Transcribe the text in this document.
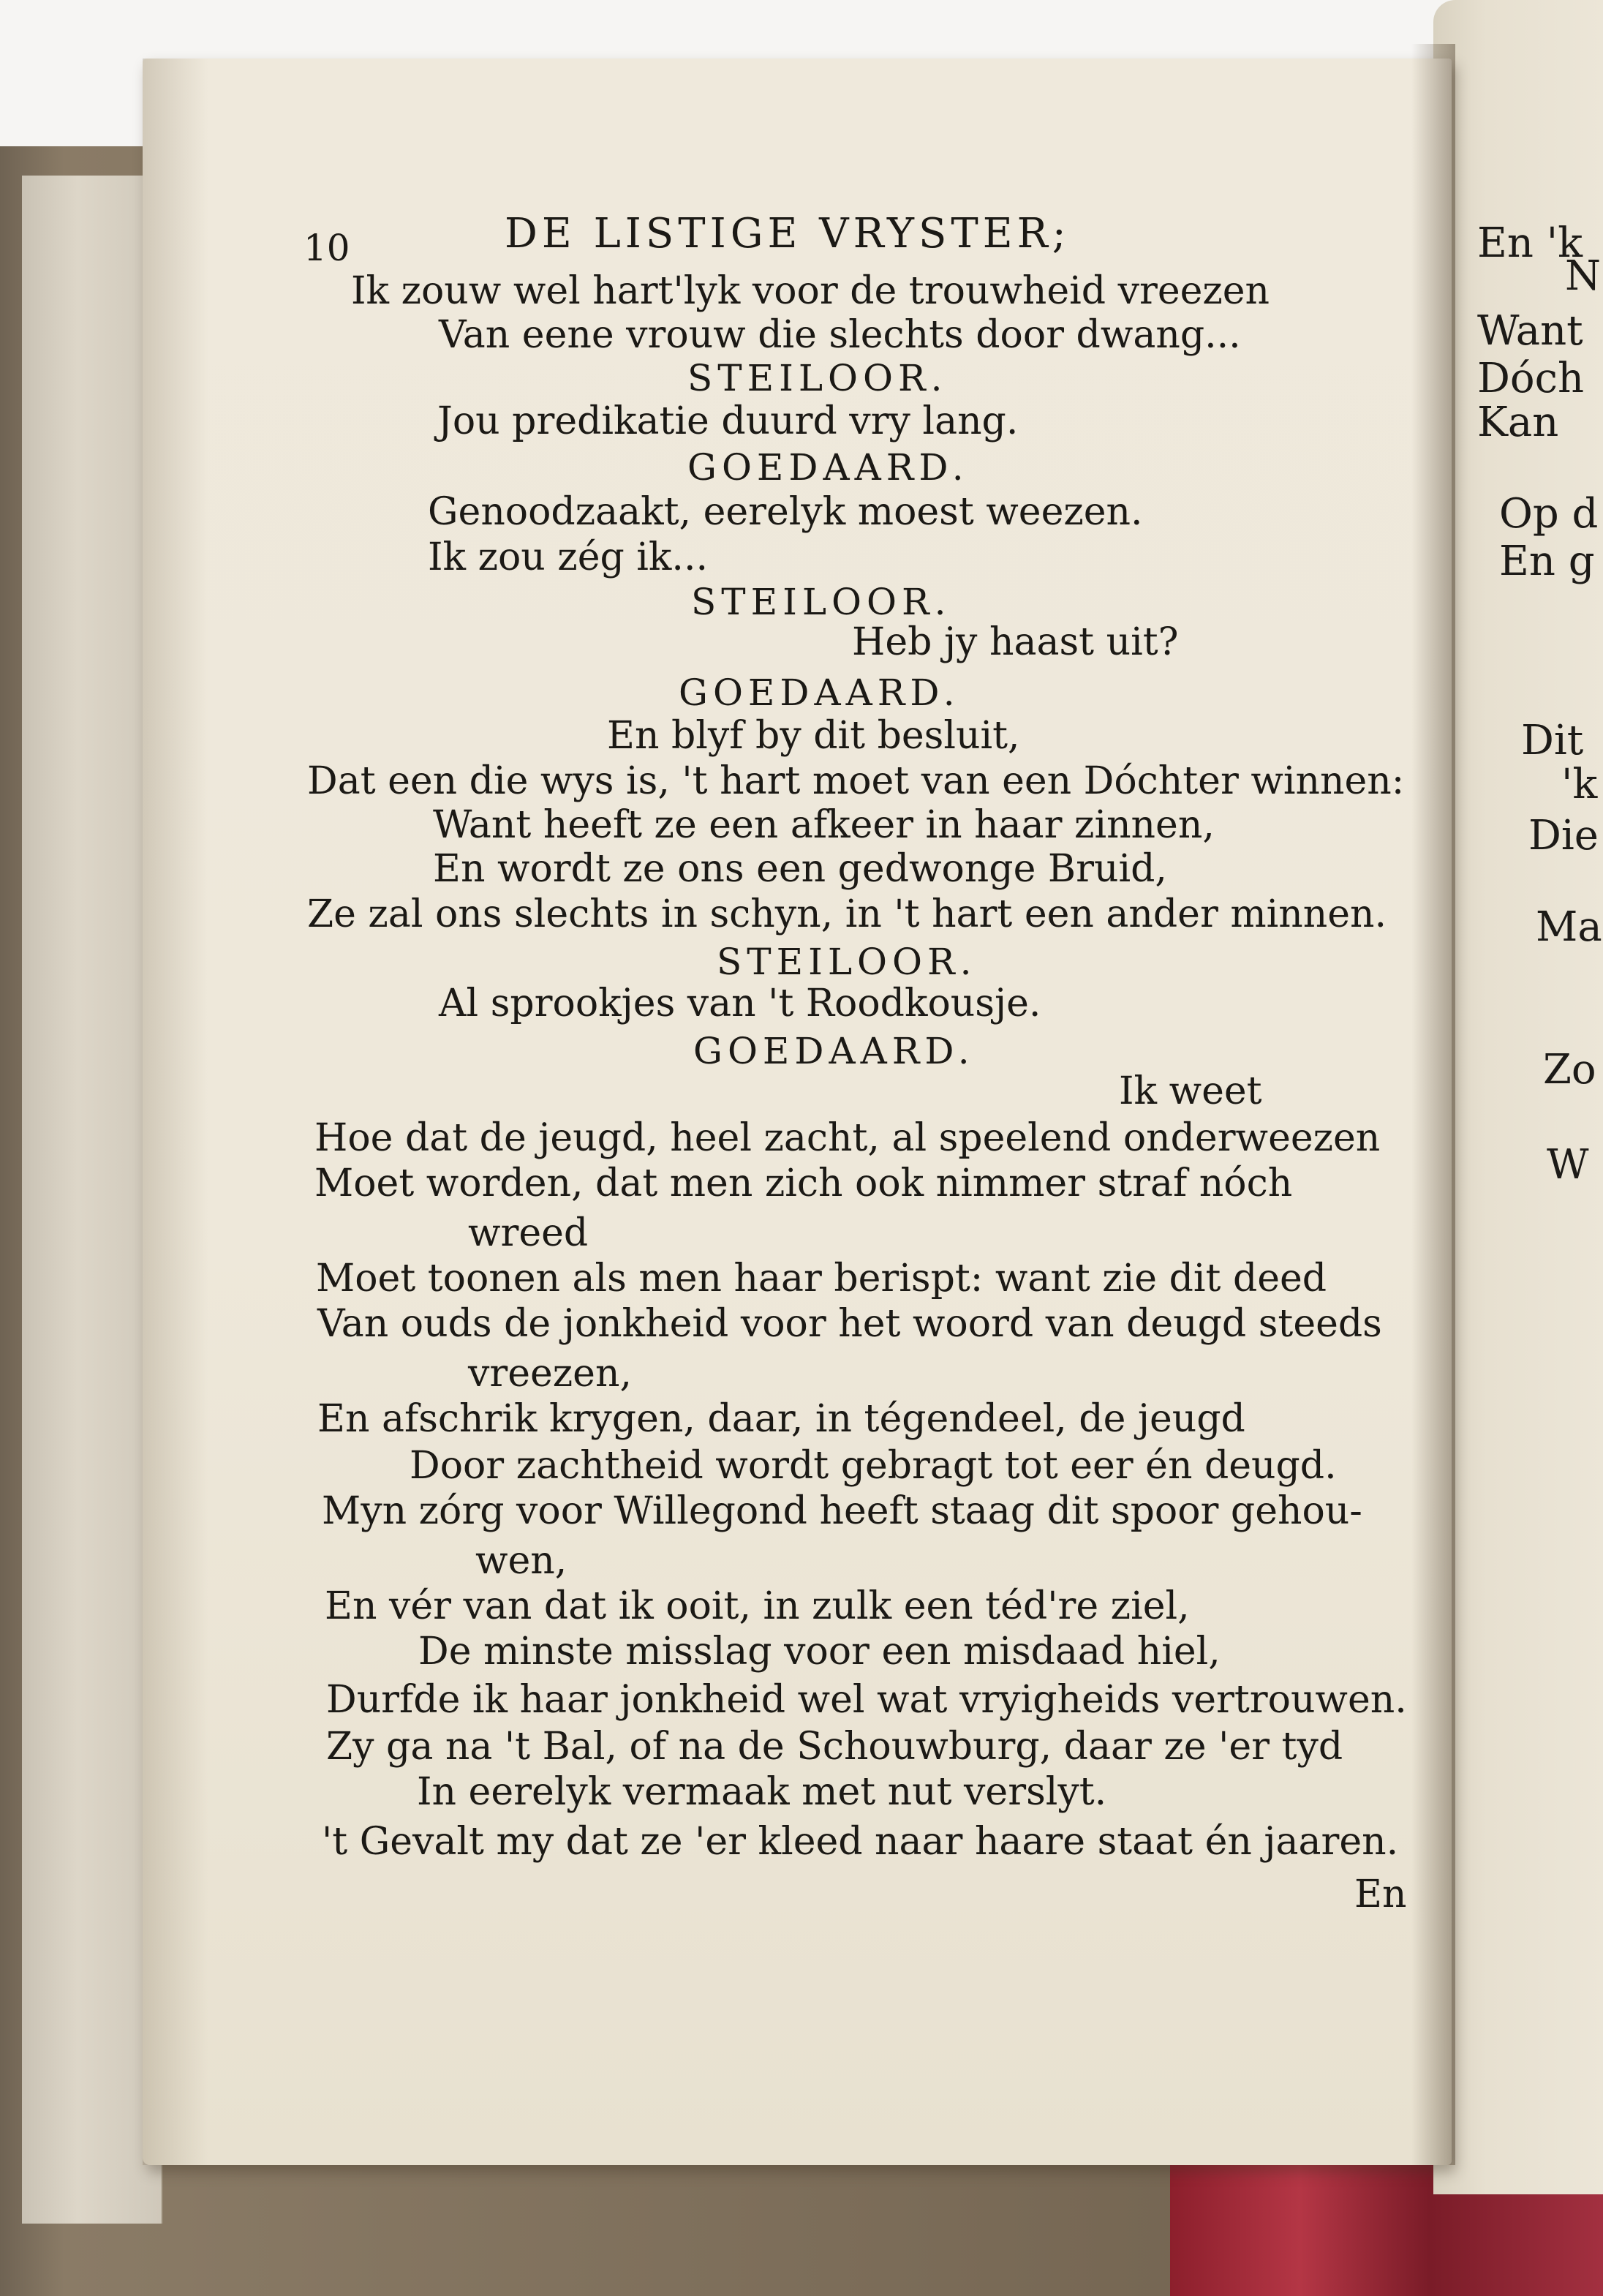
En 'k
N
Want
Dóch
Kan
Op d
En g
Dit
'k
Die
Ma
Zo
W
10	DE LISTIGE VRYSTER;
Ik zouw wel hart'lyk voor de trouwheid vreezen
Van eene vrouw die slechts door dwang...
STEILOOR.
Jou predikatie duurd vry lang.
GOEDAARD.
Genoodzaakt, eerelyk moest weezen.
Ik zou zég ik...
STEILOOR.
Heb jy haast uit?
GOEDAARD.
En blyf by dit besluit,
Dat een die wys is, 't hart moet van een Dóchter winnen:
Want heeft ze een afkeer in haar zinnen,
En wordt ze ons een gedwonge Bruid,
Ze zal ons slechts in schyn, in 't hart een ander minnen.
STEILOOR.
Al sprookjes van 't Roodkousje.
GOEDAARD.
Ik weet
Hoe dat de jeugd, heel zacht, al speelend onderweezen
Moet worden, dat men zich ook nimmer straf nóch
wreed
Moet toonen als men haar berispt: want zie dit deed
Van ouds de jonkheid voor het woord van deugd steeds
vreezen,
En afschrik krygen, daar, in tégendeel, de jeugd
Door zachtheid wordt gebragt tot eer én deugd.
Myn zórg voor Willegond heeft staag dit spoor gehou-
wen,
En vér van dat ik ooit, in zulk een téd're ziel,
De minste misslag voor een misdaad hiel,
Durfde ik haar jonkheid wel wat vryigheids vertrouwen.
Zy ga na 't Bal, of na de Schouwburg, daar ze 'er tyd
In eerelyk vermaak met nut verslyt.
't Gevalt my dat ze 'er kleed naar haare staat én jaaren.
En
